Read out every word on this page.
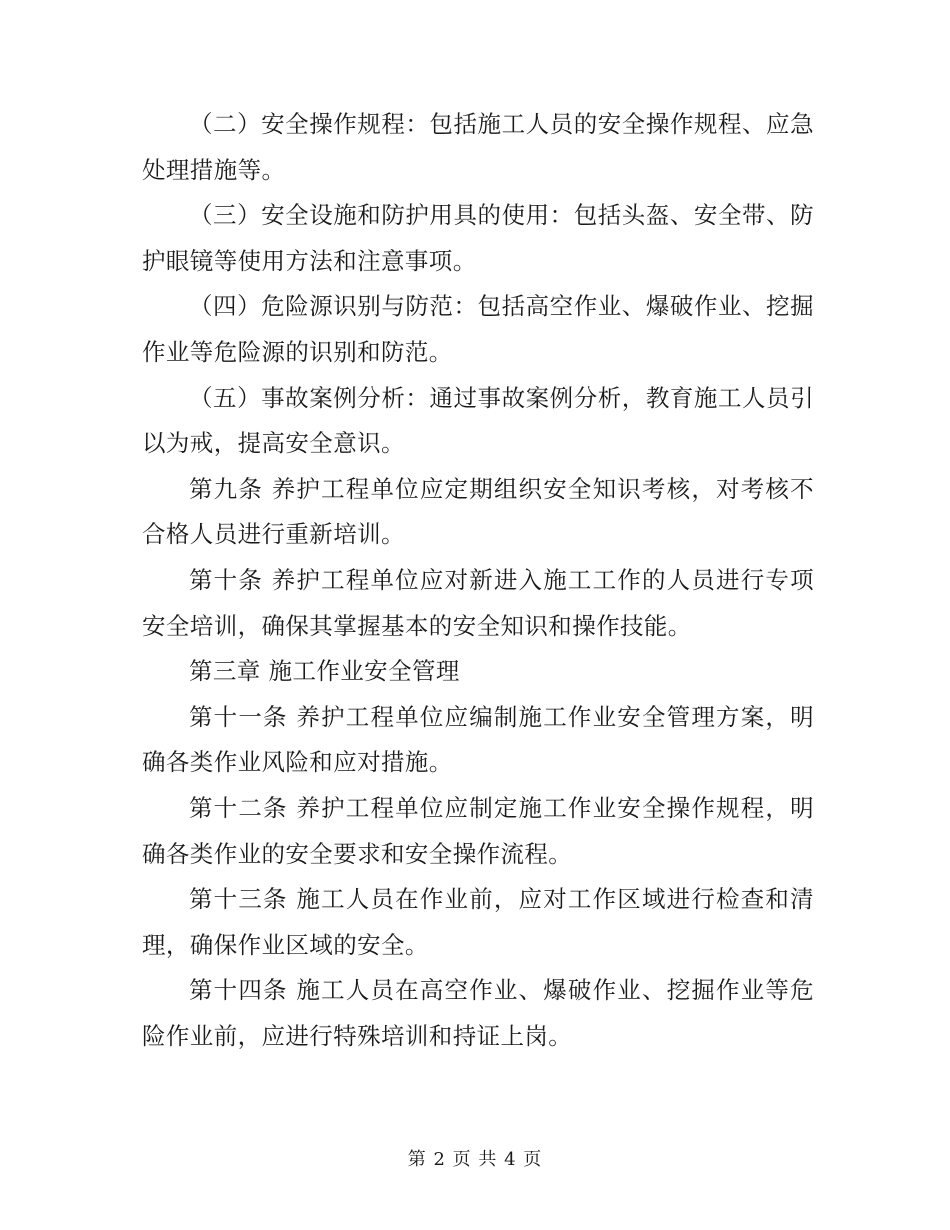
（二）安全操作规程：包括施工人员的安全操作规程、应急处理措施等。

（三）安全设施和防护用具的使用：包括头盔、安全带、防护眼镜等使用方法和注意事项。

（四）危险源识别与防范：包括高空作业、爆破作业、挖掘作业等危险源的识别和防范。

（五）事故案例分析：通过事故案例分析，教育施工人员引以为戒，提高安全意识。

第九条 养护工程单位应定期组织安全知识考核，对考核不合格人员进行重新培训。

第十条 养护工程单位应对新进入施工工作的人员进行专项安全培训，确保其掌握基本的安全知识和操作技能。

第三章 施工作业安全管理

第十一条 养护工程单位应编制施工作业安全管理方案，明确各类作业风险和应对措施。

第十二条 养护工程单位应制定施工作业安全操作规程，明确各类作业的安全要求和安全操作流程。

第十三条 施工人员在作业前，应对工作区域进行检查和清理，确保作业区域的安全。

第十四条 施工人员在高空作业、爆破作业、挖掘作业等危险作业前，应进行特殊培训和持证上岗。

第 2 页 共 4 页
